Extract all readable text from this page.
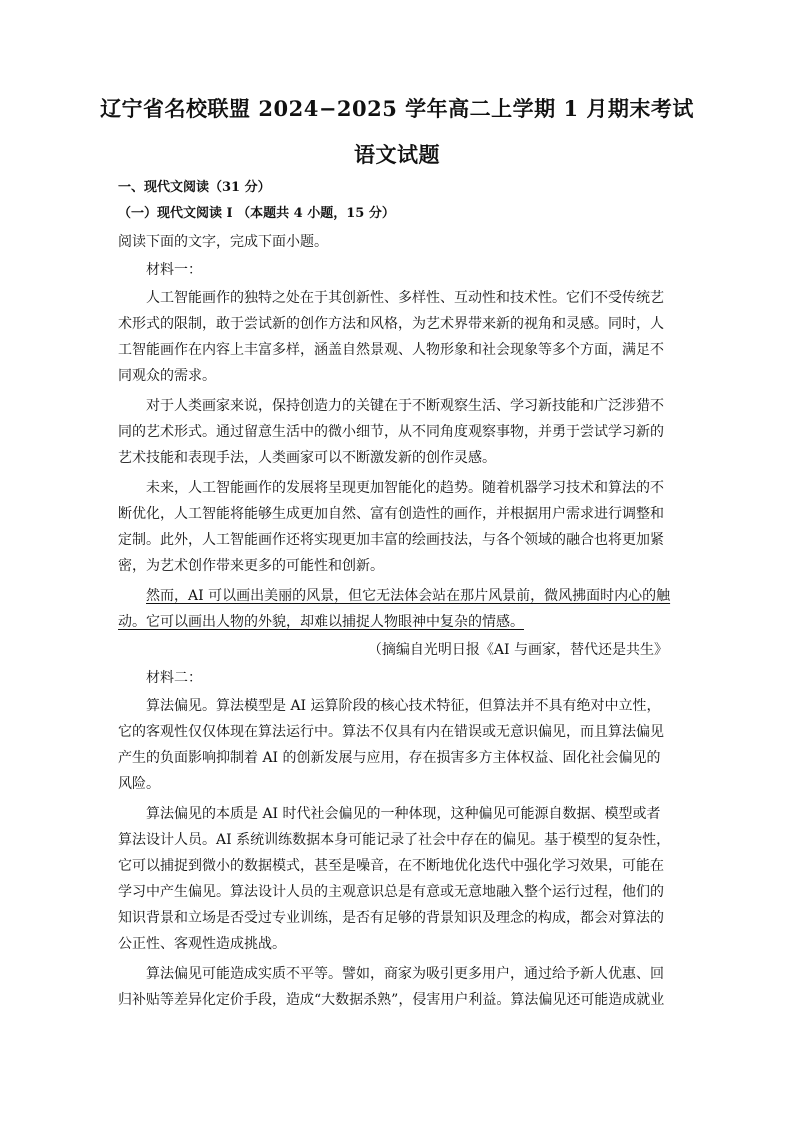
辽宁省名校联盟 2024−2025 学年高二上学期 1 月期末考试
语文试题
一、现代文阅读（31 分）
（一）现代文阅读 I （本题共 4 小题，15 分）
阅读下面的文字，完成下面小题。
材料一：
人工智能画作的独特之处在于其创新性、多样性、互动性和技术性。它们不受传统艺
术形式的限制，敢于尝试新的创作方法和风格，为艺术界带来新的视角和灵感。同时，人
工智能画作在内容上丰富多样，涵盖自然景观、人物形象和社会现象等多个方面，满足不
同观众的需求。
对于人类画家来说，保持创造力的关键在于不断观察生活、学习新技能和广泛涉猎不
同的艺术形式。通过留意生活中的微小细节，从不同角度观察事物，并勇于尝试学习新的
艺术技能和表现手法，人类画家可以不断激发新的创作灵感。
未来，人工智能画作的发展将呈现更加智能化的趋势。随着机器学习技术和算法的不
断优化，人工智能将能够生成更加自然、富有创造性的画作，并根据用户需求进行调整和
定制。此外，人工智能画作还将实现更加丰富的绘画技法，与各个领域的融合也将更加紧
密，为艺术创作带来更多的可能性和创新。
然而，AI 可以画出美丽的风景，但它无法体会站在那片风景前，微风拂面时内心的触
动。它可以画出人物的外貌，却难以捕捉人物眼神中复杂的情感。
（摘编自光明日报《AI 与画家，替代还是共生》
材料二：
算法偏见。算法模型是 AI 运算阶段的核心技术特征，但算法并不具有绝对中立性，
它的客观性仅仅体现在算法运行中。算法不仅具有内在错误或无意识偏见，而且算法偏见
产生的负面影响抑制着 AI 的创新发展与应用，存在损害多方主体权益、固化社会偏见的
风险。
算法偏见的本质是 AI 时代社会偏见的一种体现，这种偏见可能源自数据、模型或者
算法设计人员。AI 系统训练数据本身可能记录了社会中存在的偏见。基于模型的复杂性，
它可以捕捉到微小的数据模式，甚至是噪音，在不断地优化迭代中强化学习效果，可能在
学习中产生偏见。算法设计人员的主观意识总是有意或无意地融入整个运行过程，他们的
知识背景和立场是否受过专业训练，是否有足够的背景知识及理念的构成，都会对算法的
公正性、客观性造成挑战。
算法偏见可能造成实质不平等。譬如，商家为吸引更多用户，通过给予新人优惠、回
归补贴等差异化定价手段，造成“大数据杀熟”，侵害用户利益。算法偏见还可能造成就业
